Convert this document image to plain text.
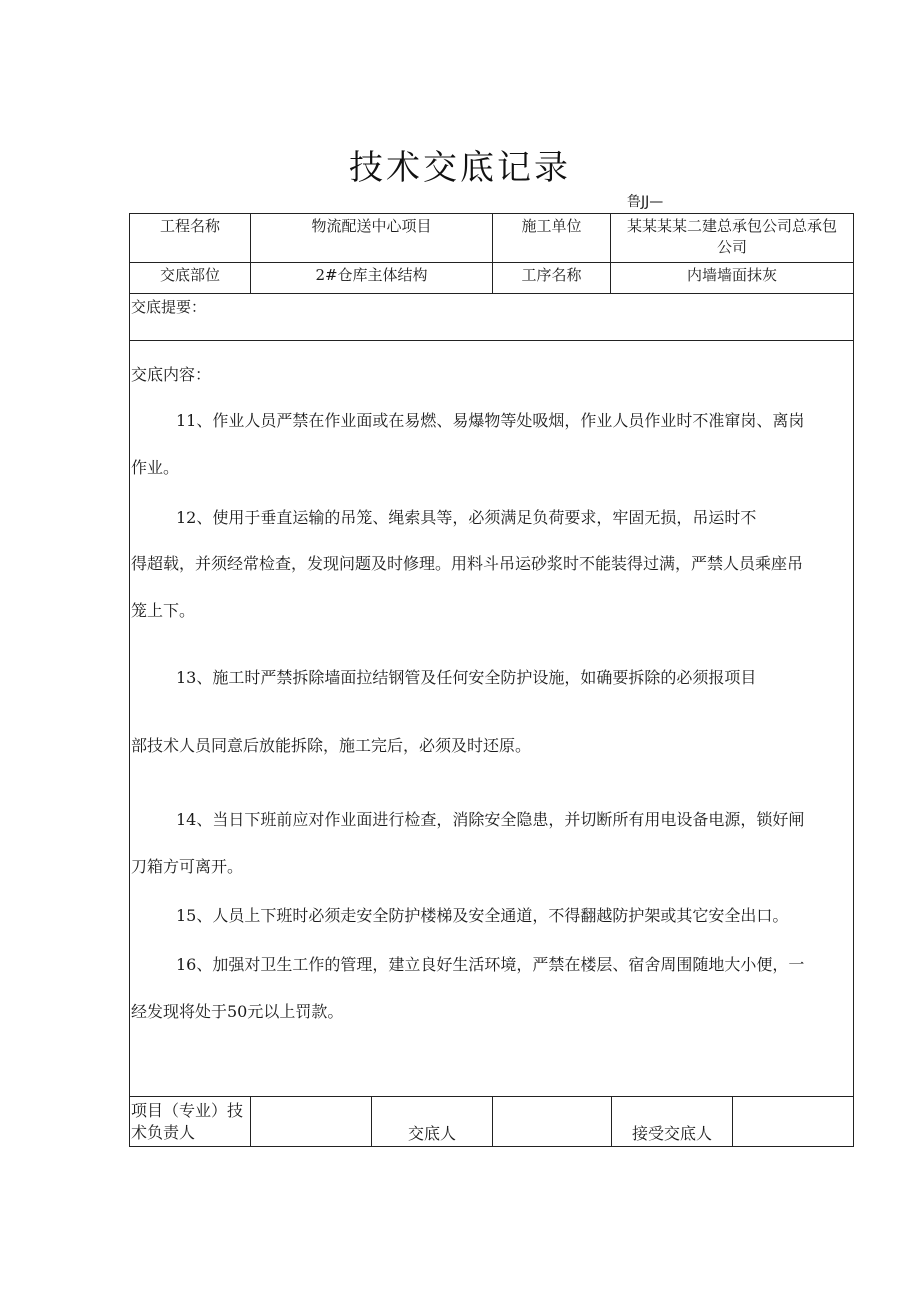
技术交底记录
鲁JJ—
工程名称	物流配送中心项目	施工单位	某某某某二建总承包公司总承包
公司
交底部位	2#仓库主体结构	工序名称	内墙墙面抹灰
交底提要：
交底内容：
11、作业人员严禁在作业面或在易燃、易爆物等处吸烟，作业人员作业时不准窜岗、离岗
作业。
12、使用于垂直运输的吊笼、绳索具等，必须满足负荷要求，牢固无损，吊运时不
得超载，并须经常检查，发现问题及时修理。用料斗吊运砂浆时不能装得过满，严禁人员乘座吊
笼上下。
13、施工时严禁拆除墙面拉结钢管及任何安全防护设施，如确要拆除的必须报项目
部技术人员同意后放能拆除，施工完后，必须及时还原。
14、当日下班前应对作业面进行检查，消除安全隐患，并切断所有用电设备电源，锁好闸
刀箱方可离开。
15、人员上下班时必须走安全防护楼梯及安全通道，不得翻越防护架或其它安全出口。
16、加强对卫生工作的管理，建立良好生活环境，严禁在楼层、宿舍周围随地大小便，一
经发现将处于50元以上罚款。
项目（专业）技
术负责人	交底人	接受交底人
